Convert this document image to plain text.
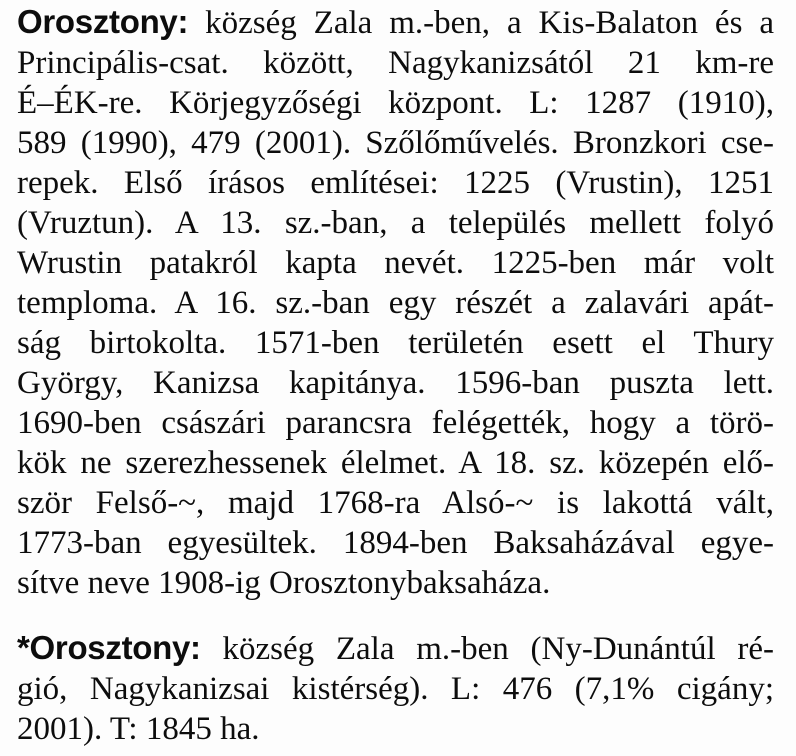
Orosztony: község Zala m.-ben, a Kis-Balaton és a
Principális-csat. között, Nagykanizsától 21 km-re
É–ÉK-re. Körjegyzőségi központ. L: 1287 (1910),
589 (1990), 479 (2001). Szőlőművelés. Bronzkori cse-
repek. Első írásos említései: 1225 (Vrustin), 1251
(Vruztun). A 13. sz.-ban, a település mellett folyó
Wrustin patakról kapta nevét. 1225-ben már volt
temploma. A 16. sz.-ban egy részét a zalavári apát-
ság birtokolta. 1571-ben területén esett el Thury
György, Kanizsa kapitánya. 1596-ban puszta lett.
1690-ben császári parancsra felégették, hogy a törö-
kök ne szerezhessenek élelmet. A 18. sz. közepén elő-
ször Felső-~, majd 1768-ra Alsó-~ is lakottá vált,
1773-ban egyesültek. 1894-ben Baksaházával egye-
sítve neve 1908-ig Orosztonybaksaháza.
*Orosztony: község Zala m.-ben (Ny-Dunántúl ré-
gió, Nagykanizsai kistérség). L: 476 (7,1% cigány;
2001). T: 1845 ha.
